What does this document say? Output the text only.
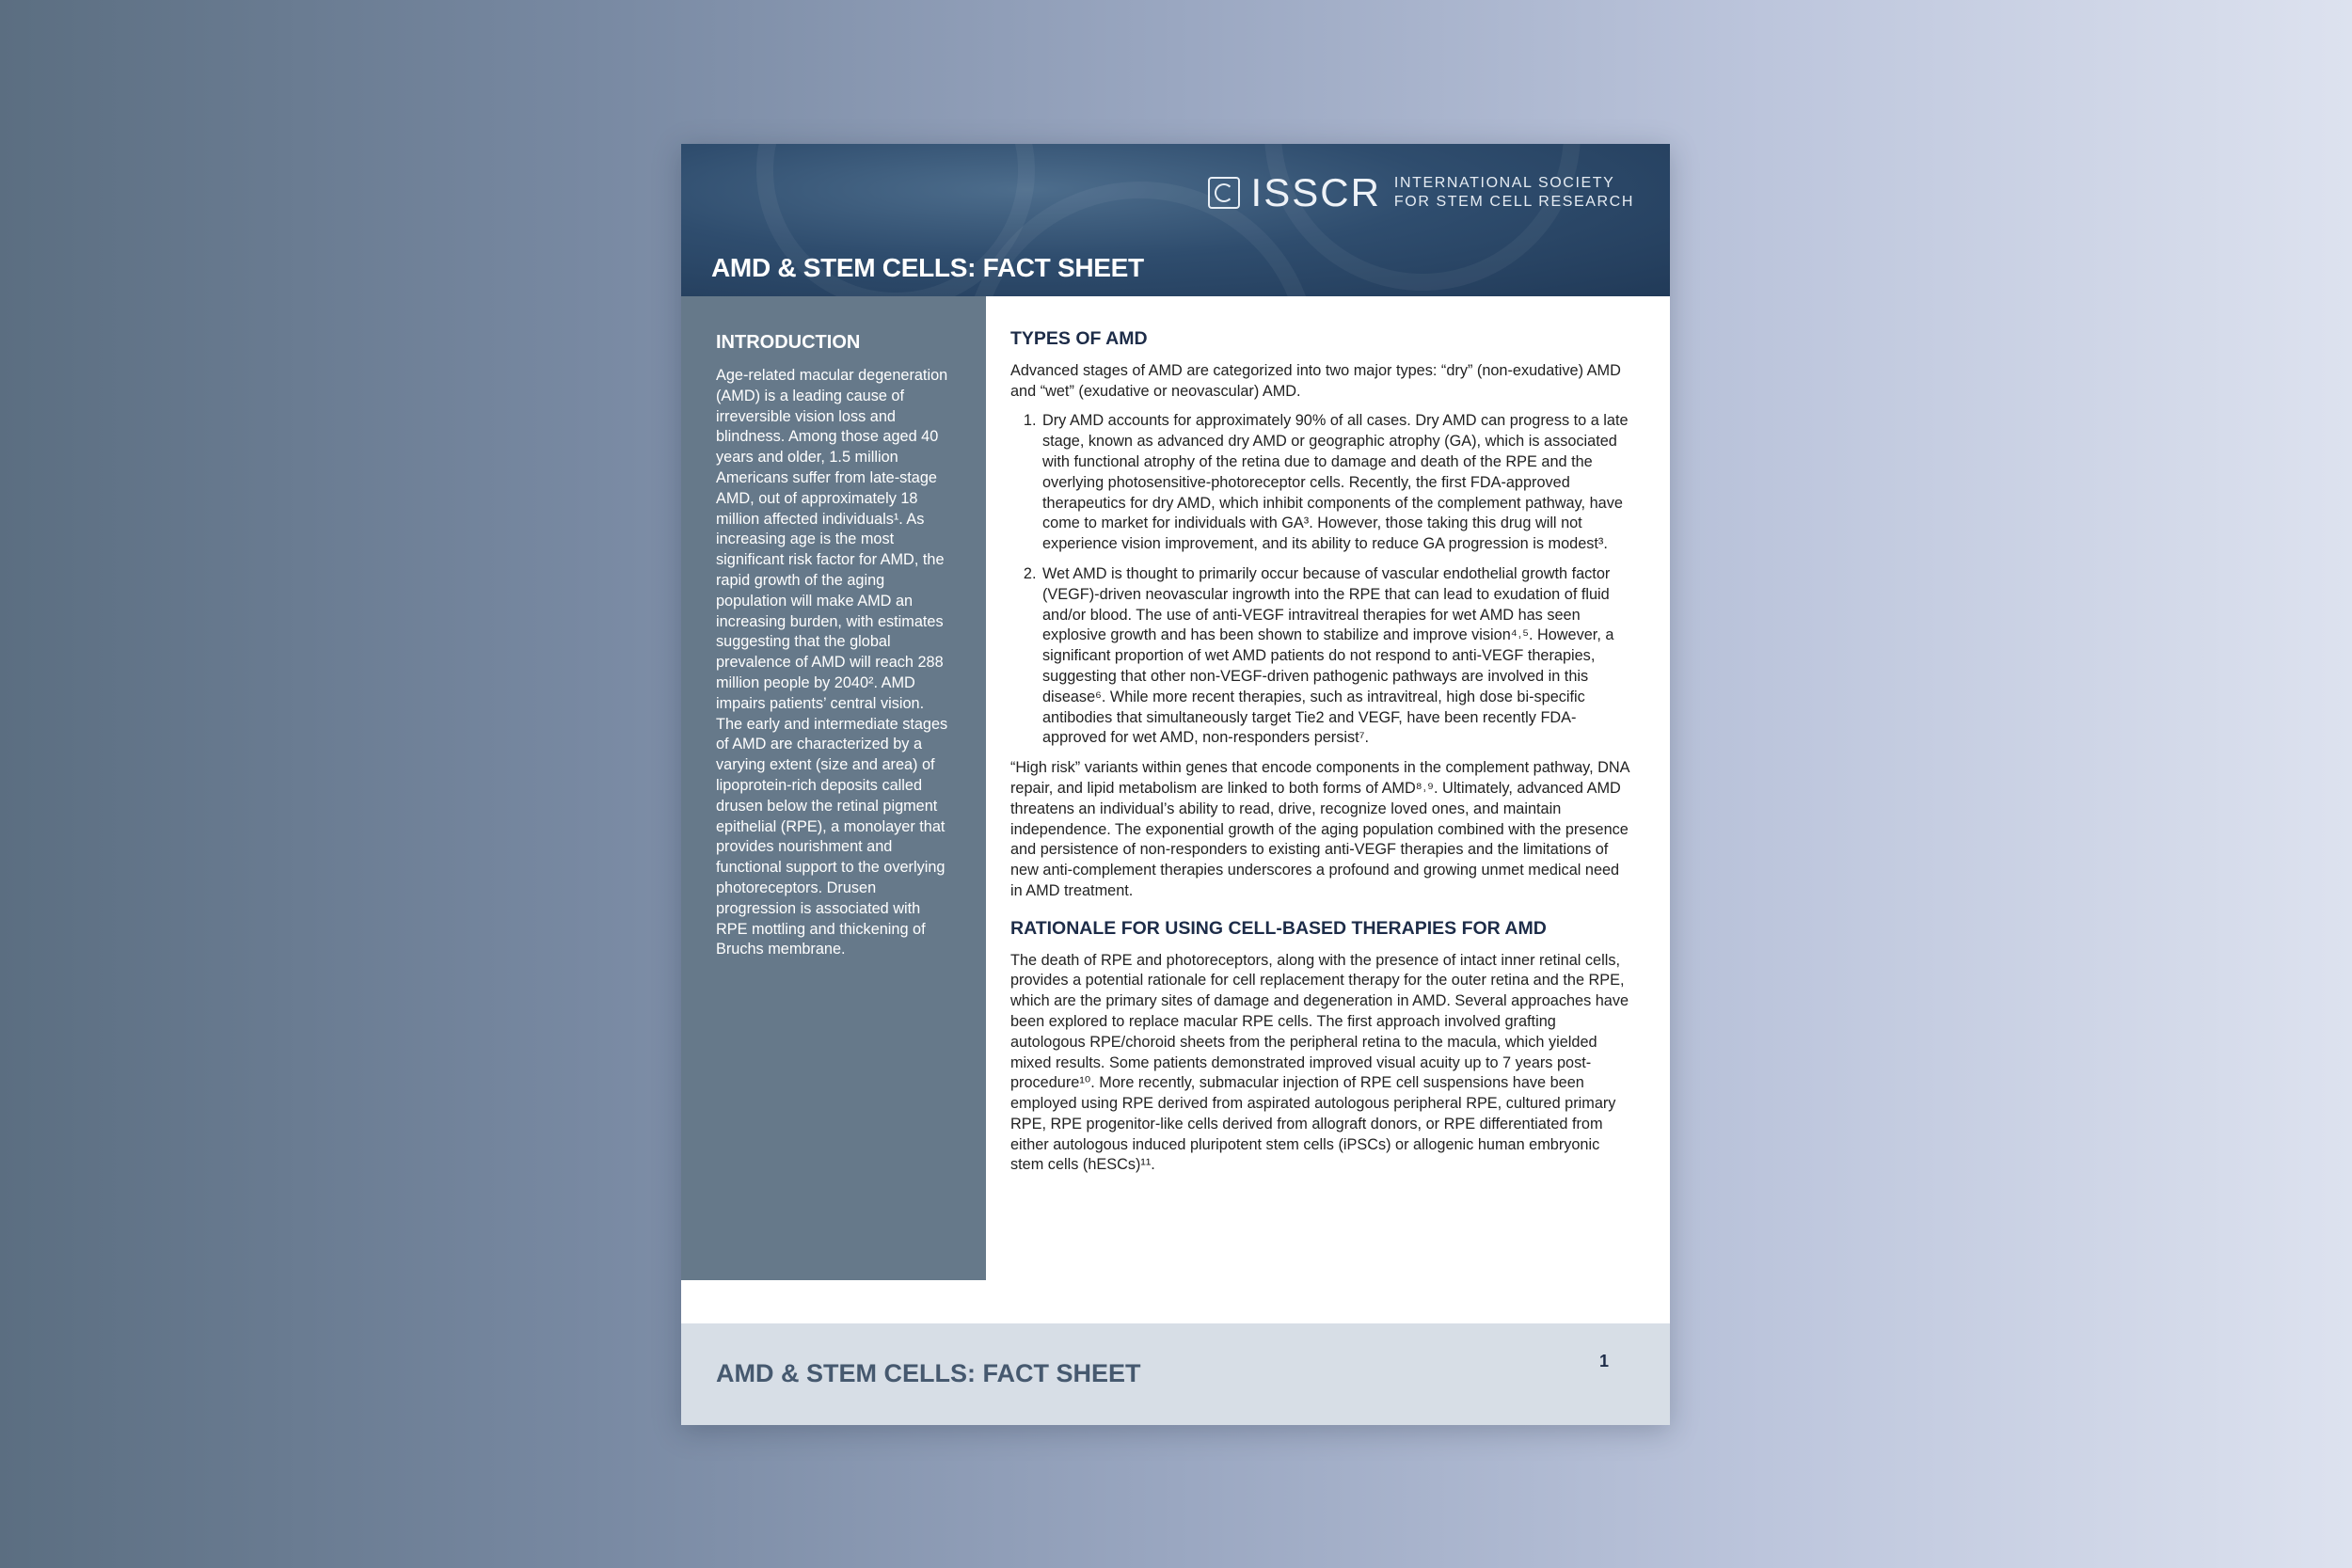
ISSCR INTERNATIONAL SOCIETY
FOR STEM CELL RESEARCH
AMD & STEM CELLS: FACT SHEET
INTRODUCTION

Age-related macular degeneration (AMD) is a leading cause of irreversible vision loss and blindness. Among those aged 40 years and older, 1.5 million Americans suffer from late-stage AMD, out of approximately 18 million affected individuals¹. As increasing age is the most significant risk factor for AMD, the rapid growth of the aging population will make AMD an increasing burden, with estimates suggesting that the global prevalence of AMD will reach 288 million people by 2040². AMD impairs patients’ central vision. The early and intermediate stages of AMD are characterized by a varying extent (size and area) of lipoprotein-rich deposits called drusen below the retinal pigment epithelial (RPE), a monolayer that provides nourishment and functional support to the overlying photoreceptors. Drusen progression is associated with RPE mottling and thickening of Bruchs membrane.

TYPES OF AMD

Advanced stages of AMD are categorized into two major types: “dry” (non-exudative) AMD and “wet” (exudative or neovascular) AMD.

1. Dry AMD accounts for approximately 90% of all cases. Dry AMD can progress to a late stage, known as advanced dry AMD or geographic atrophy (GA), which is associated with functional atrophy of the retina due to damage and death of the RPE and the overlying photosensitive-photoreceptor cells. Recently, the first FDA-approved therapeutics for dry AMD, which inhibit components of the complement pathway, have come to market for individuals with GA³. However, those taking this drug will not experience vision improvement, and its ability to reduce GA progression is modest³.
2. Wet AMD is thought to primarily occur because of vascular endothelial growth factor (VEGF)-driven neovascular ingrowth into the RPE that can lead to exudation of fluid and/or blood. The use of anti-VEGF intravitreal therapies for wet AMD has seen explosive growth and has been shown to stabilize and improve vision⁴˒⁵. However, a significant proportion of wet AMD patients do not respond to anti-VEGF therapies, suggesting that other non-VEGF-driven pathogenic pathways are involved in this disease⁶. While more recent therapies, such as intravitreal, high dose bi-specific antibodies that simultaneously target Tie2 and VEGF, have been recently FDA-approved for wet AMD, non-responders persist⁷.

“High risk” variants within genes that encode components in the complement pathway, DNA repair, and lipid metabolism are linked to both forms of AMD⁸˒⁹. Ultimately, advanced AMD threatens an individual’s ability to read, drive, recognize loved ones, and maintain independence. The exponential growth of the aging population combined with the presence and persistence of non-responders to existing anti-VEGF therapies and the limitations of new anti-complement therapies underscores a profound and growing unmet medical need in AMD treatment.

RATIONALE FOR USING CELL-BASED THERAPIES FOR AMD

The death of RPE and photoreceptors, along with the presence of intact inner retinal cells, provides a potential rationale for cell replacement therapy for the outer retina and the RPE, which are the primary sites of damage and degeneration in AMD. Several approaches have been explored to replace macular RPE cells. The first approach involved grafting autologous RPE/choroid sheets from the peripheral retina to the macula, which yielded mixed results. Some patients demonstrated improved visual acuity up to 7 years post-procedure¹⁰. More recently, submacular injection of RPE cell suspensions have been employed using RPE derived from aspirated autologous peripheral RPE, cultured primary RPE, RPE progenitor-like cells derived from allograft donors, or RPE differentiated from either autologous induced pluripotent stem cells (iPSCs) or allogenic human embryonic stem cells (hESCs)¹¹.

AMD & STEM CELLS: FACT SHEET	1
